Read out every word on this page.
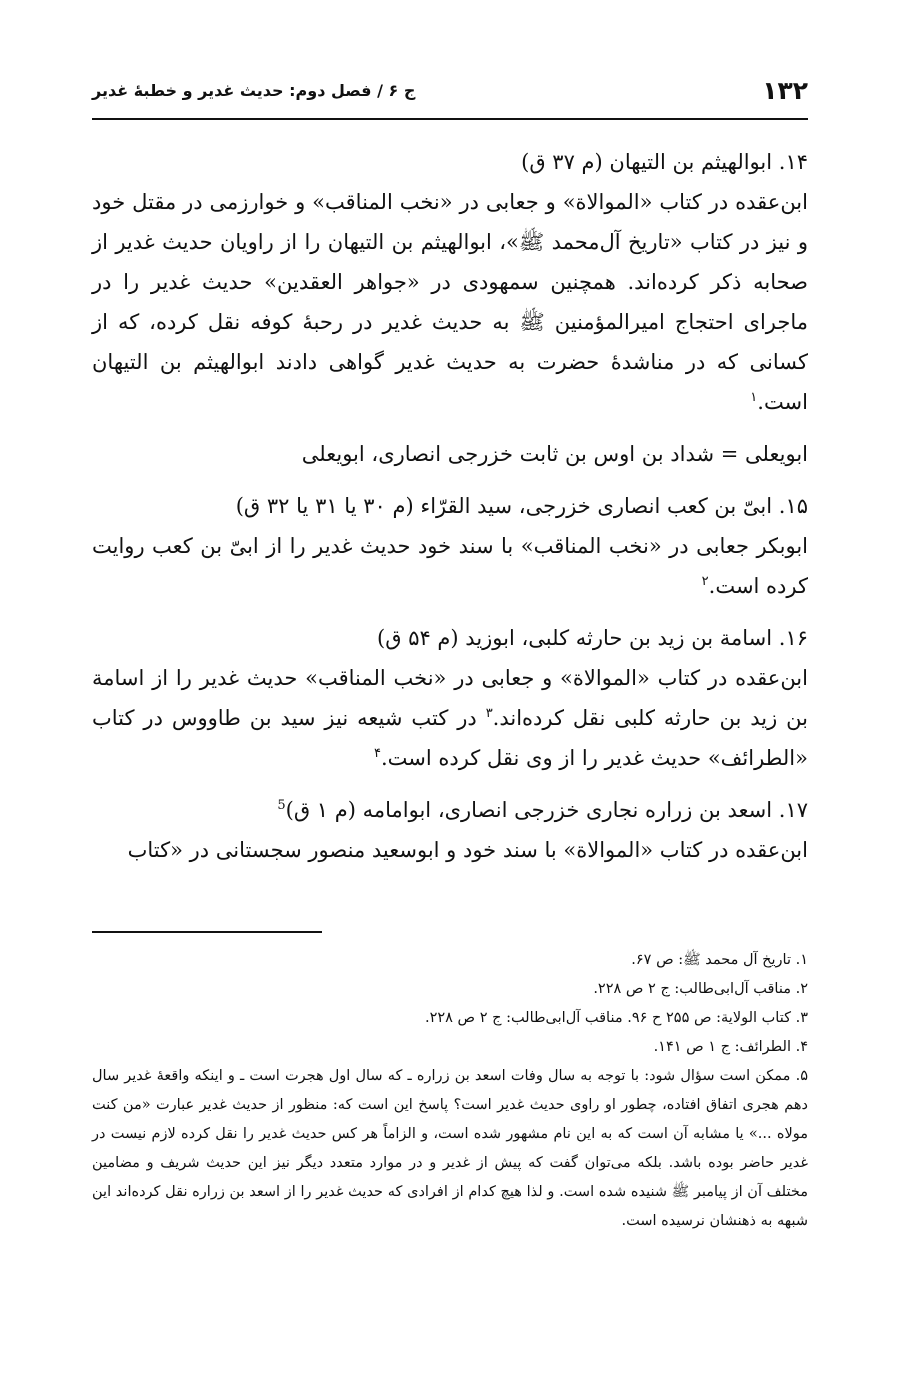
١٣٢
ج ۶ / فصل دوم: حديث غدير و خطبهٔ غدير

١۴. ابوالهيثم بن التيهان (م ٣٧ ق)

ابن‌عقده در كتاب «الموالاة» و جعابى در «نخب المناقب» و خوارزمى در مقتل خود و نيز در كتاب «تاريخ آل‌محمد ﷺ»، ابوالهيثم بن التيهان را از راويان حديث غدير از صحابه ذكر كرده‌اند. همچنين سمهودى در «جواهر العقدين» حديث غدير را در ماجراى احتجاج اميرالمؤمنين ﷺ به حديث غدير در رحبهٔ كوفه نقل كرده، كه از كسانى كه در مناشدهٔ حضرت به حديث غدير گواهى دادند ابوالهيثم بن التيهان است.$^١$

ابويعلى = شداد بن اوس بن ثابت خزرجى انصارى، ابويعلى

١۵. ابىّ بن كعب انصارى خزرجى، سيد القرّاء (م ٣٠ يا ٣١ يا ٣٢ ق)

ابوبكر جعابى در «نخب المناقب» با سند خود حديث غدير را از ابىّ بن كعب روايت كرده است.$^٢$

١۶. اسامة بن زيد بن حارثه كلبى، ابوزيد (م ۵۴ ق)

ابن‌عقده در كتاب «الموالاة» و جعابى در «نخب المناقب» حديث غدير را از اسامة بن زيد بن حارثه كلبى نقل كرده‌اند.$^٣$ در كتب شيعه نيز سيد بن طاووس در كتاب «الطرائف» حديث غدير را از وى نقل كرده است.$^۴$

١٧. اسعد بن زراره نجارى خزرجى انصارى، ابوامامه (م ١ ق)$^5$

ابن‌عقده در كتاب «الموالاة» با سند خود و ابوسعيد منصور سجستانى در «كتاب

١. تاريخ آل محمد ﷺ: ص ۶٧.

٢. مناقب آل‌ابى‌طالب: ج ٢ ص ٢٢٨.

٣. كتاب الولاية: ص ٢۵۵ ح ٩۶. مناقب آل‌ابى‌طالب: ج ٢ ص ٢٢٨.

۴. الطرائف: ج ١ ص ١۴١.

۵. ممكن است سؤال شود: با توجه به سال وفات اسعد بن زراره ـ كه سال اول هجرت است ـ و اينكه واقعهٔ غدير سال دهم هجرى اتفاق افتاده، چطور او راوى حديث غدير است؟ پاسخ اين است كه: منظور از حديث غدير عبارت «من كنت مولاه ...» يا مشابه آن است كه به اين نام مشهور شده است، و الزاماً هر كس حديث غدير را نقل كرده لازم نيست در غدير حاضر بوده باشد. بلكه مى‌توان گفت كه پيش از غدير و در موارد متعدد ديگر نيز اين حديث شريف و مضامين مختلف آن از پيامبر ﷺ شنيده شده است. و لذا هيچ كدام از افرادى كه حديث غدير را از اسعد بن زراره نقل كرده‌اند اين شبهه به ذهنشان نرسيده است.
